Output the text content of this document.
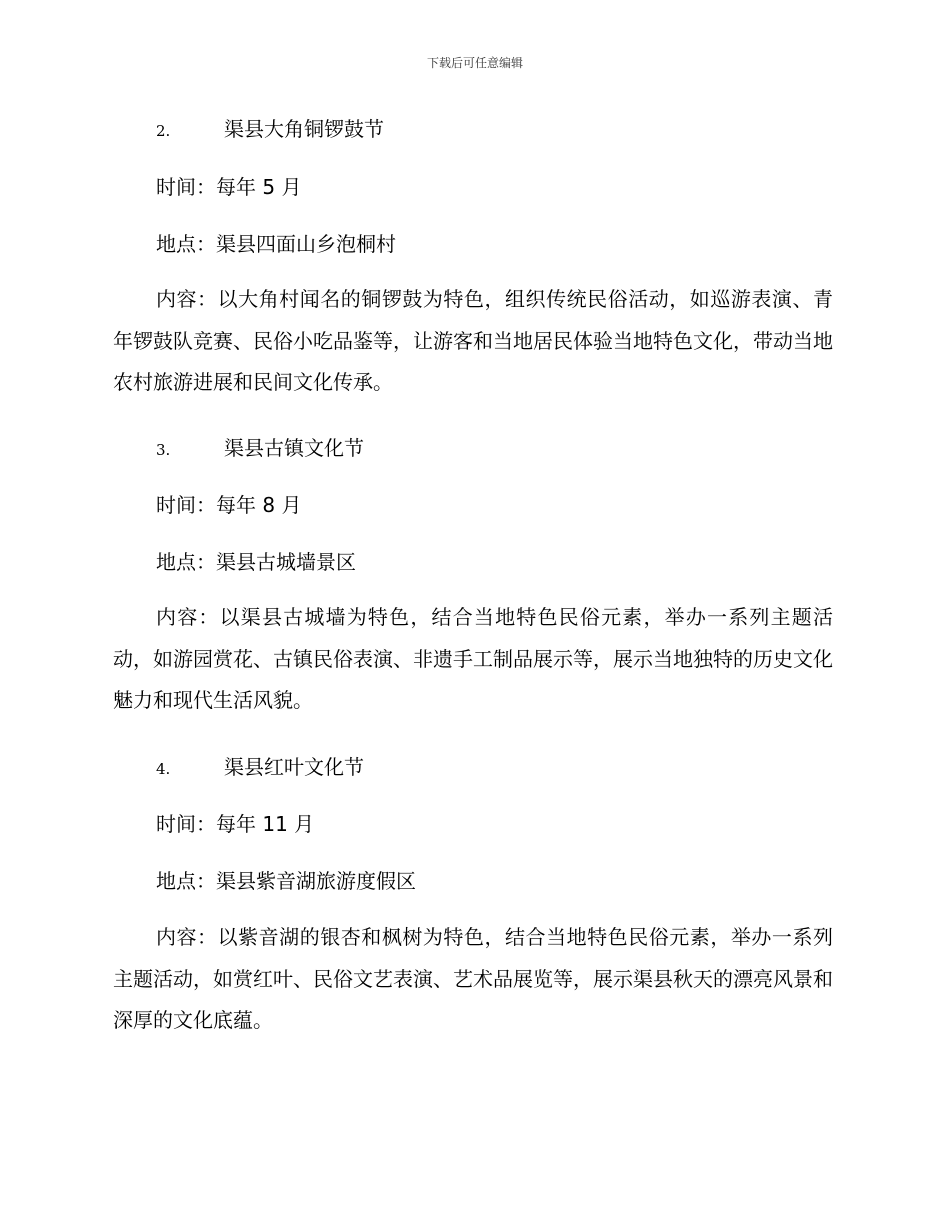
下载后可任意编辑
2.	渠县大角铜锣鼓节
时间：每年 5 月
地点：渠县四面山乡泡桐村
内容：以大角村闻名的铜锣鼓为特色，组织传统民俗活动，如巡游表演、青年锣鼓队竞赛、民俗小吃品鉴等，让游客和当地居民体验当地特色文化，带动当地农村旅游进展和民间文化传承。
3.	渠县古镇文化节
时间：每年 8 月
地点：渠县古城墙景区
内容：以渠县古城墙为特色，结合当地特色民俗元素，举办一系列主题活动，如游园赏花、古镇民俗表演、非遗手工制品展示等，展示当地独特的历史文化魅力和现代生活风貌。
4.	渠县红叶文化节
时间：每年 11 月
地点：渠县紫音湖旅游度假区
内容：以紫音湖的银杏和枫树为特色，结合当地特色民俗元素，举办一系列主题活动，如赏红叶、民俗文艺表演、艺术品展览等，展示渠县秋天的漂亮风景和深厚的文化底蕴。
